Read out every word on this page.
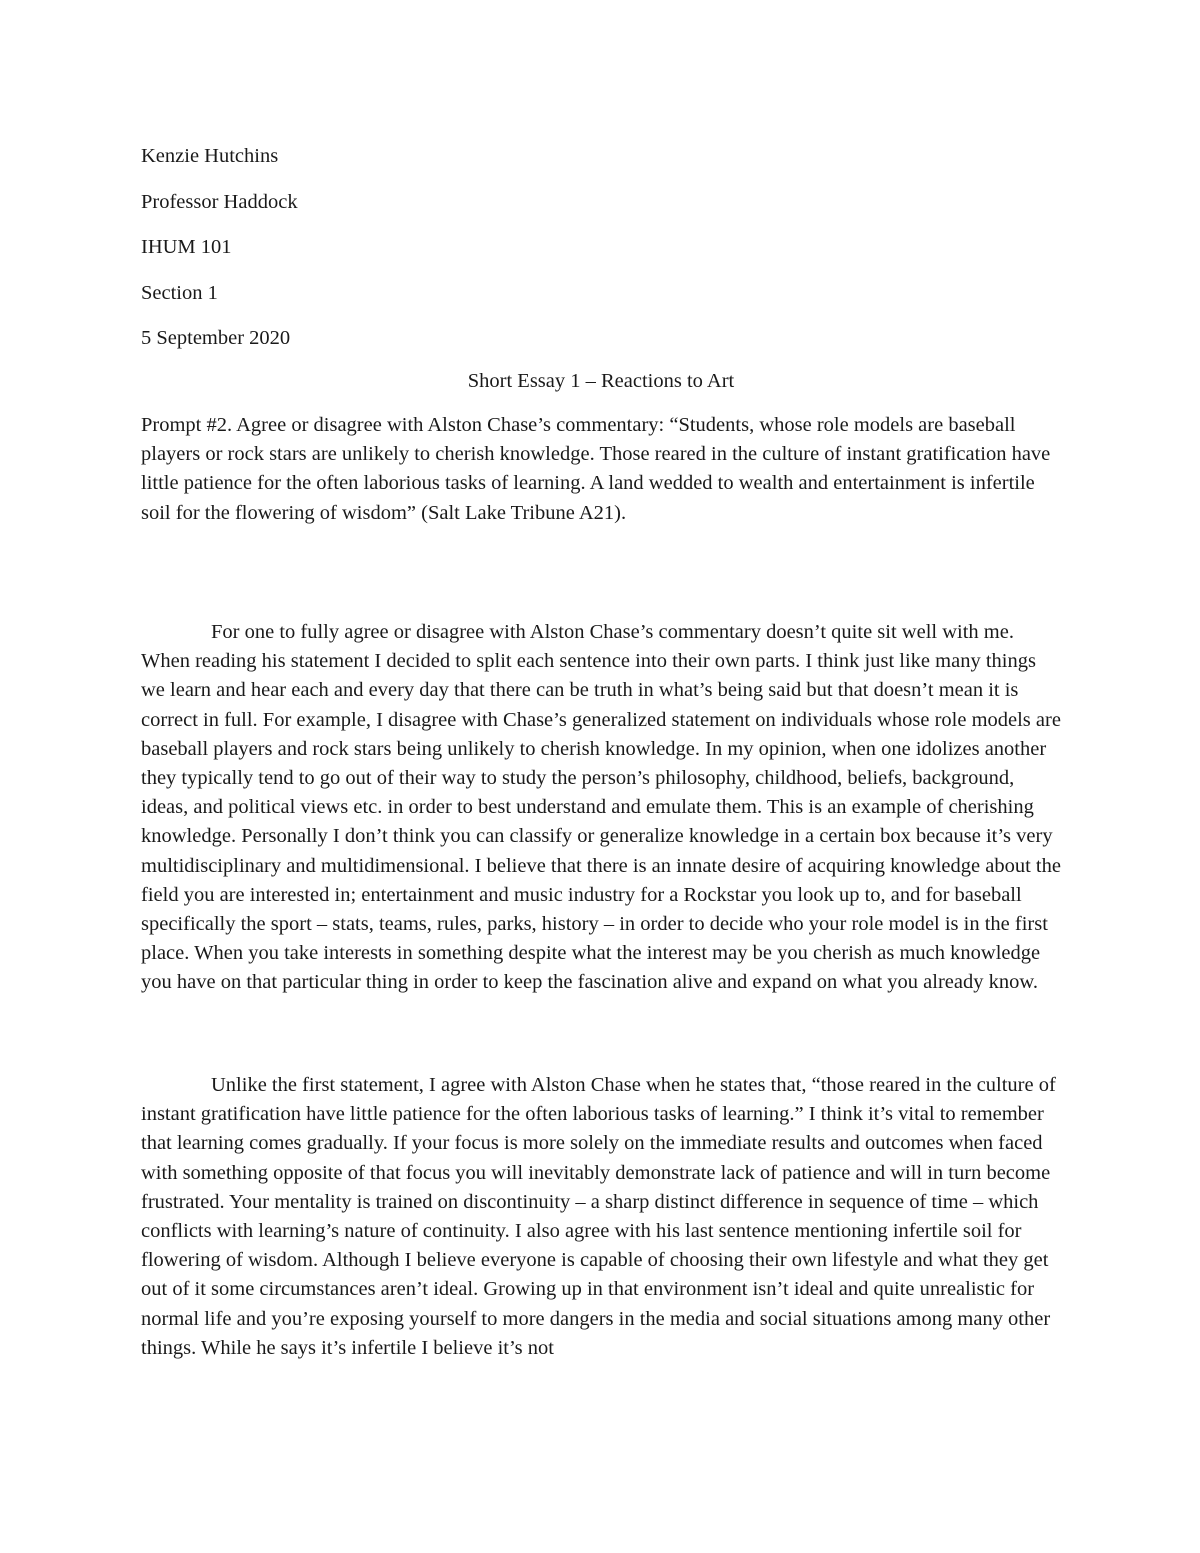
Kenzie Hutchins
Professor Haddock
IHUM 101
Section 1
5 September 2020
Short Essay 1 – Reactions to Art
Prompt #2. Agree or disagree with Alston Chase’s commentary: “Students, whose role models are baseball players or rock stars are unlikely to cherish knowledge. Those reared in the culture of instant gratification have little patience for the often laborious tasks of learning. A land wedded to wealth and entertainment is infertile soil for the flowering of wisdom” (Salt Lake Tribune A21).

For one to fully agree or disagree with Alston Chase’s commentary doesn’t quite sit well with me. When reading his statement I decided to split each sentence into their own parts. I think just like many things we learn and hear each and every day that there can be truth in what’s being said but that doesn’t mean it is correct in full. For example, I disagree with Chase’s generalized statement on individuals whose role models are baseball players and rock stars being unlikely to cherish knowledge. In my opinion, when one idolizes another they typically tend to go out of their way to study the person’s philosophy, childhood, beliefs, background, ideas, and political views etc. in order to best understand and emulate them. This is an example of cherishing knowledge. Personally I don’t think you can classify or generalize knowledge in a certain box because it’s very multidisciplinary and multidimensional. I believe that there is an innate desire of acquiring knowledge about the field you are interested in; entertainment and music industry for a Rockstar you look up to, and for baseball specifically the sport – stats, teams, rules, parks, history – in order to decide who your role model is in the first place. When you take interests in something despite what the interest may be you cherish as much knowledge you have on that particular thing in order to keep the fascination alive and expand on what you already know.

Unlike the first statement, I agree with Alston Chase when he states that, “those reared in the culture of instant gratification have little patience for the often laborious tasks of learning.” I think it’s vital to remember that learning comes gradually. If your focus is more solely on the immediate results and outcomes when faced with something opposite of that focus you will inevitably demonstrate lack of patience and will in turn become frustrated. Your mentality is trained on discontinuity – a sharp distinct difference in sequence of time – which conflicts with learning’s nature of continuity. I also agree with his last sentence mentioning infertile soil for flowering of wisdom. Although I believe everyone is capable of choosing their own lifestyle and what they get out of it some circumstances aren’t ideal. Growing up in that environment isn’t ideal and quite unrealistic for normal life and you’re exposing yourself to more dangers in the media and social situations among many other things. While he says it’s infertile I believe it’s not
